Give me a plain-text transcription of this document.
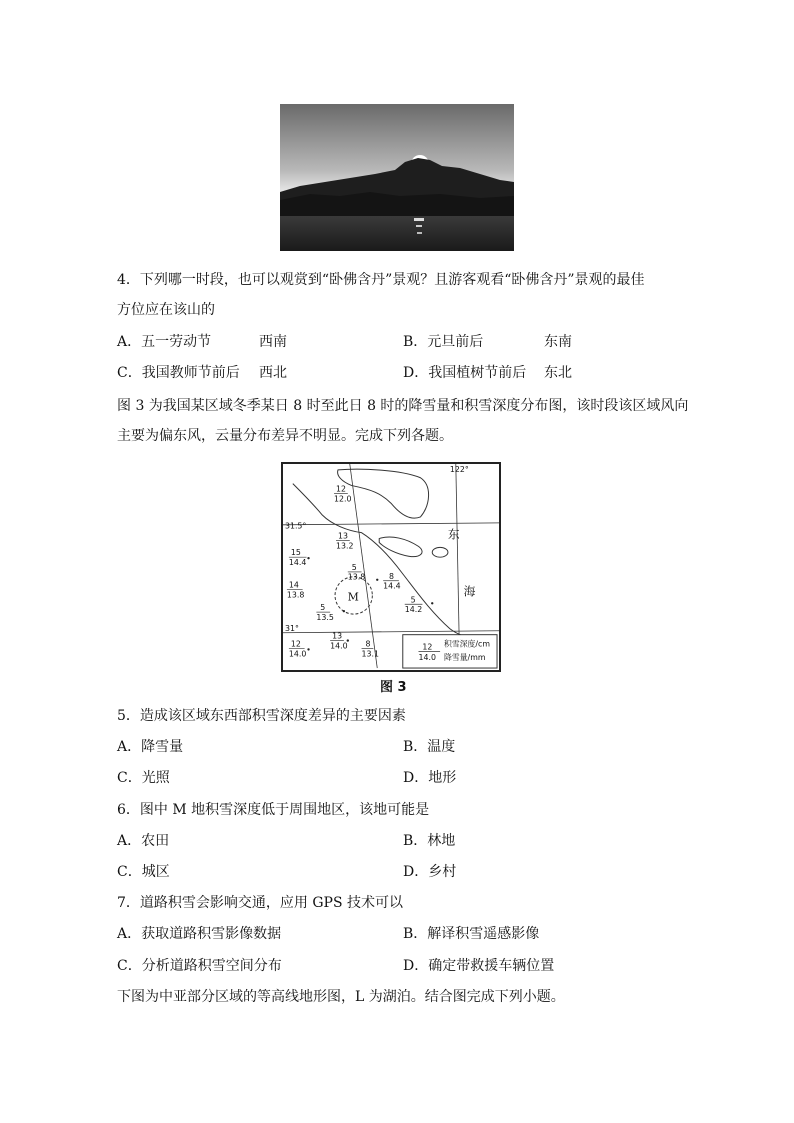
4．下列哪一时段，也可以观赏到“卧佛含丹”景观？且游客观看“卧佛含丹”景观的最佳
方位应在该山的
A．五一劳动节	西南	B．元旦前后	东南
C．我国教师节前后 西北	D．我国植树节前后 东北
图 3 为我国某区域冬季某日 8 时至此日 8 时的降雪量和积雪深度分布图，该时段该区域风向
主要为偏东风，云量分布差异不明显。完成下列各题。
12
12.0
13
13.2
15
14.4
5
13.8	8
14.4
14
13.8
5
14.2
5
13.5
12
14.0
13
14.0 8
13.1
31.5°
31°
122°
东
海
M
12
14.0
积雪深度/cm
降雪量/mm
图 3
5．造成该区域东西部积雪深度差异的主要因素
A．降雪量	B．温度
C．光照	D．地形
6．图中 M 地积雪深度低于周围地区，该地可能是
A．农田	B．林地
C．城区	D．乡村
7．道路积雪会影响交通，应用 GPS 技术可以
A．获取道路积雪影像数据	B．解译积雪遥感影像
C．分析道路积雪空间分布	D．确定带救援车辆位置
下图为中亚部分区域的等高线地形图，L 为湖泊。结合图完成下列小题。
